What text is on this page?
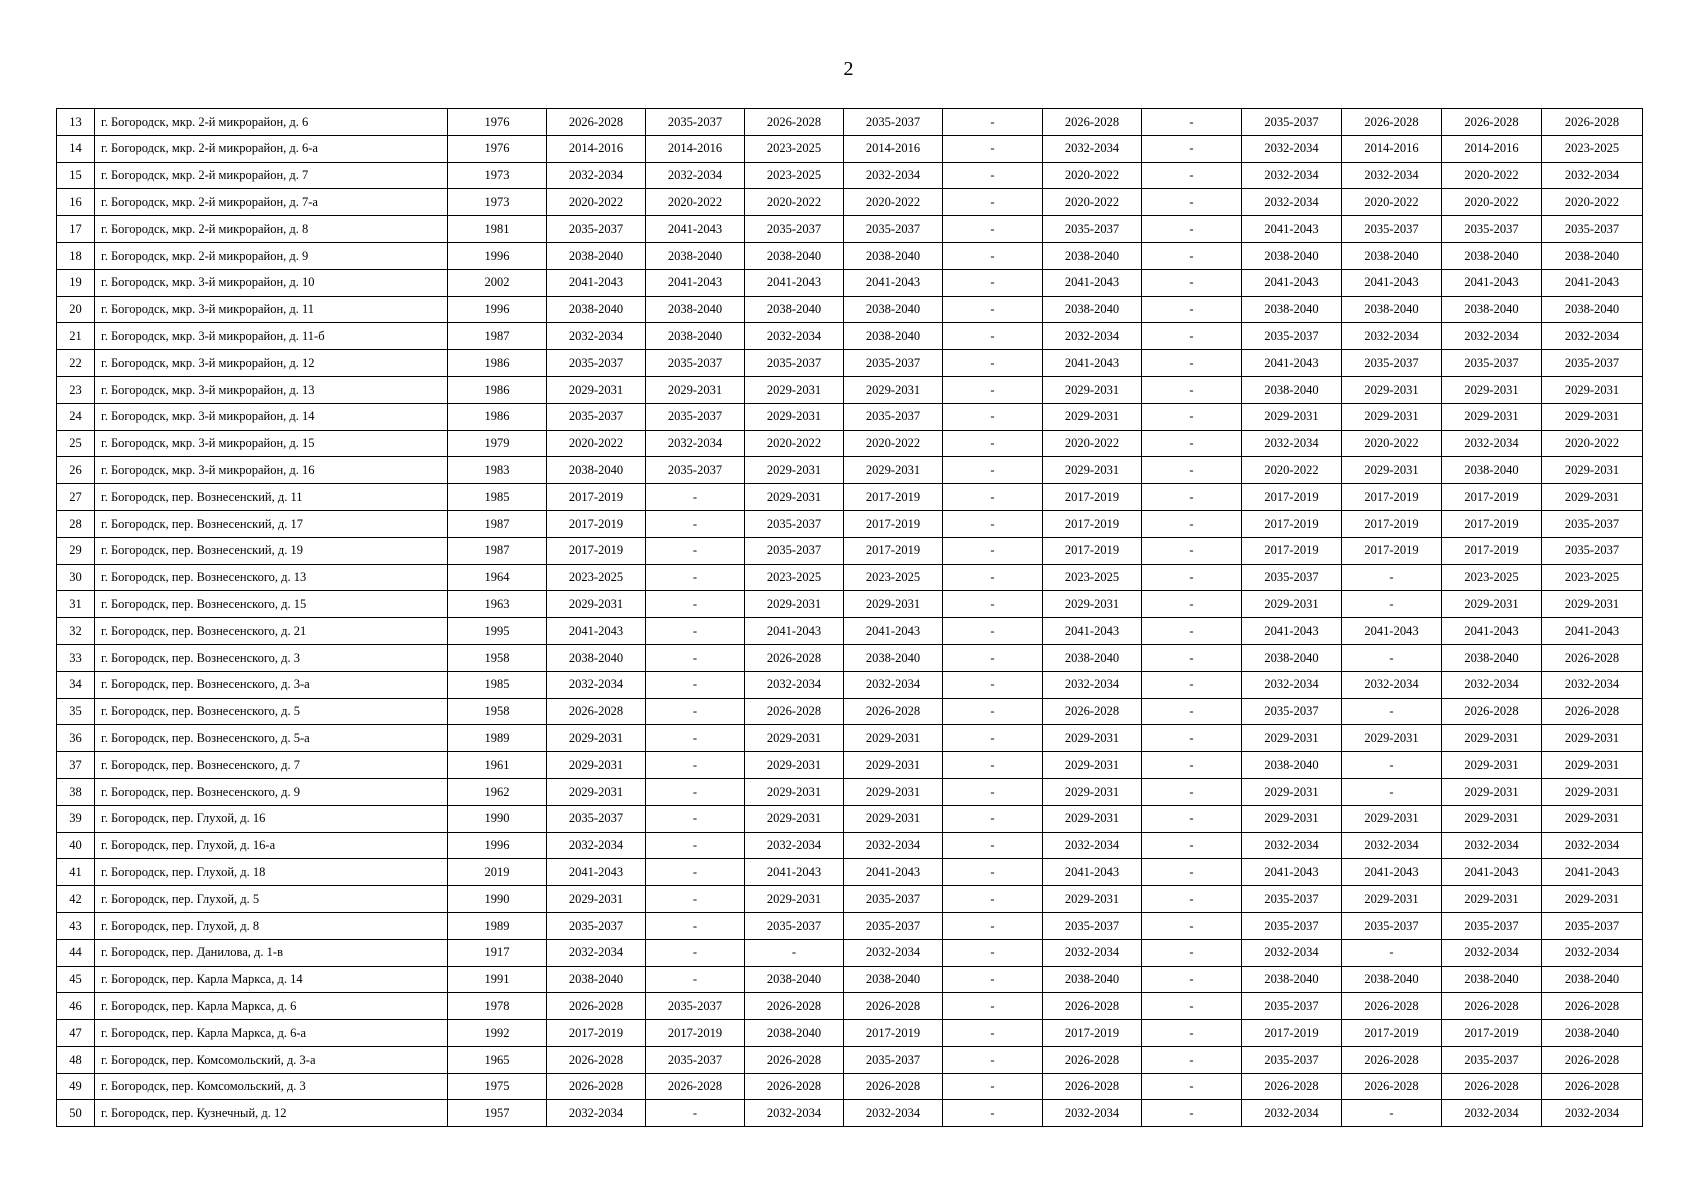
2
13	г. Богородск, мкр. 2-й микрорайон, д. 6	1976	2026-2028	2035-2037	2026-2028	2035-2037	-	2026-2028	-	2035-2037	2026-2028	2026-2028	2026-2028
14	г. Богородск, мкр. 2-й микрорайон, д. 6-а	1976	2014-2016	2014-2016	2023-2025	2014-2016	-	2032-2034	-	2032-2034	2014-2016	2014-2016	2023-2025
15	г. Богородск, мкр. 2-й микрорайон, д. 7	1973	2032-2034	2032-2034	2023-2025	2032-2034	-	2020-2022	-	2032-2034	2032-2034	2020-2022	2032-2034
16	г. Богородск, мкр. 2-й микрорайон, д. 7-а	1973	2020-2022	2020-2022	2020-2022	2020-2022	-	2020-2022	-	2032-2034	2020-2022	2020-2022	2020-2022
17	г. Богородск, мкр. 2-й микрорайон, д. 8	1981	2035-2037	2041-2043	2035-2037	2035-2037	-	2035-2037	-	2041-2043	2035-2037	2035-2037	2035-2037
18	г. Богородск, мкр. 2-й микрорайон, д. 9	1996	2038-2040	2038-2040	2038-2040	2038-2040	-	2038-2040	-	2038-2040	2038-2040	2038-2040	2038-2040
19	г. Богородск, мкр. 3-й микрорайон, д. 10	2002	2041-2043	2041-2043	2041-2043	2041-2043	-	2041-2043	-	2041-2043	2041-2043	2041-2043	2041-2043
20	г. Богородск, мкр. 3-й микрорайон, д. 11	1996	2038-2040	2038-2040	2038-2040	2038-2040	-	2038-2040	-	2038-2040	2038-2040	2038-2040	2038-2040
21	г. Богородск, мкр. 3-й микрорайон, д. 11-б	1987	2032-2034	2038-2040	2032-2034	2038-2040	-	2032-2034	-	2035-2037	2032-2034	2032-2034	2032-2034
22	г. Богородск, мкр. 3-й микрорайон, д. 12	1986	2035-2037	2035-2037	2035-2037	2035-2037	-	2041-2043	-	2041-2043	2035-2037	2035-2037	2035-2037
23	г. Богородск, мкр. 3-й микрорайон, д. 13	1986	2029-2031	2029-2031	2029-2031	2029-2031	-	2029-2031	-	2038-2040	2029-2031	2029-2031	2029-2031
24	г. Богородск, мкр. 3-й микрорайон, д. 14	1986	2035-2037	2035-2037	2029-2031	2035-2037	-	2029-2031	-	2029-2031	2029-2031	2029-2031	2029-2031
25	г. Богородск, мкр. 3-й микрорайон, д. 15	1979	2020-2022	2032-2034	2020-2022	2020-2022	-	2020-2022	-	2032-2034	2020-2022	2032-2034	2020-2022
26	г. Богородск, мкр. 3-й микрорайон, д. 16	1983	2038-2040	2035-2037	2029-2031	2029-2031	-	2029-2031	-	2020-2022	2029-2031	2038-2040	2029-2031
27	г. Богородск, пер. Вознесенский, д. 11	1985	2017-2019	-	2029-2031	2017-2019	-	2017-2019	-	2017-2019	2017-2019	2017-2019	2029-2031
28	г. Богородск, пер. Вознесенский, д. 17	1987	2017-2019	-	2035-2037	2017-2019	-	2017-2019	-	2017-2019	2017-2019	2017-2019	2035-2037
29	г. Богородск, пер. Вознесенский, д. 19	1987	2017-2019	-	2035-2037	2017-2019	-	2017-2019	-	2017-2019	2017-2019	2017-2019	2035-2037
30	г. Богородск, пер. Вознесенского, д. 13	1964	2023-2025	-	2023-2025	2023-2025	-	2023-2025	-	2035-2037	-	2023-2025	2023-2025
31	г. Богородск, пер. Вознесенского, д. 15	1963	2029-2031	-	2029-2031	2029-2031	-	2029-2031	-	2029-2031	-	2029-2031	2029-2031
32	г. Богородск, пер. Вознесенского, д. 21	1995	2041-2043	-	2041-2043	2041-2043	-	2041-2043	-	2041-2043	2041-2043	2041-2043	2041-2043
33	г. Богородск, пер. Вознесенского, д. 3	1958	2038-2040	-	2026-2028	2038-2040	-	2038-2040	-	2038-2040	-	2038-2040	2026-2028
34	г. Богородск, пер. Вознесенского, д. 3-а	1985	2032-2034	-	2032-2034	2032-2034	-	2032-2034	-	2032-2034	2032-2034	2032-2034	2032-2034
35	г. Богородск, пер. Вознесенского, д. 5	1958	2026-2028	-	2026-2028	2026-2028	-	2026-2028	-	2035-2037	-	2026-2028	2026-2028
36	г. Богородск, пер. Вознесенского, д. 5-а	1989	2029-2031	-	2029-2031	2029-2031	-	2029-2031	-	2029-2031	2029-2031	2029-2031	2029-2031
37	г. Богородск, пер. Вознесенского, д. 7	1961	2029-2031	-	2029-2031	2029-2031	-	2029-2031	-	2038-2040	-	2029-2031	2029-2031
38	г. Богородск, пер. Вознесенского, д. 9	1962	2029-2031	-	2029-2031	2029-2031	-	2029-2031	-	2029-2031	-	2029-2031	2029-2031
39	г. Богородск, пер. Глухой, д. 16	1990	2035-2037	-	2029-2031	2029-2031	-	2029-2031	-	2029-2031	2029-2031	2029-2031	2029-2031
40	г. Богородск, пер. Глухой, д. 16-а	1996	2032-2034	-	2032-2034	2032-2034	-	2032-2034	-	2032-2034	2032-2034	2032-2034	2032-2034
41	г. Богородск, пер. Глухой, д. 18	2019	2041-2043	-	2041-2043	2041-2043	-	2041-2043	-	2041-2043	2041-2043	2041-2043	2041-2043
42	г. Богородск, пер. Глухой, д. 5	1990	2029-2031	-	2029-2031	2035-2037	-	2029-2031	-	2035-2037	2029-2031	2029-2031	2029-2031
43	г. Богородск, пер. Глухой, д. 8	1989	2035-2037	-	2035-2037	2035-2037	-	2035-2037	-	2035-2037	2035-2037	2035-2037	2035-2037
44	г. Богородск, пер. Данилова, д. 1-в	1917	2032-2034	-	-	2032-2034	-	2032-2034	-	2032-2034	-	2032-2034	2032-2034
45	г. Богородск, пер. Карла Маркса, д. 14	1991	2038-2040	-	2038-2040	2038-2040	-	2038-2040	-	2038-2040	2038-2040	2038-2040	2038-2040
46	г. Богородск, пер. Карла Маркса, д. 6	1978	2026-2028	2035-2037	2026-2028	2026-2028	-	2026-2028	-	2035-2037	2026-2028	2026-2028	2026-2028
47	г. Богородск, пер. Карла Маркса, д. 6-а	1992	2017-2019	2017-2019	2038-2040	2017-2019	-	2017-2019	-	2017-2019	2017-2019	2017-2019	2038-2040
48	г. Богородск, пер. Комсомольский, д. 3-а	1965	2026-2028	2035-2037	2026-2028	2035-2037	-	2026-2028	-	2035-2037	2026-2028	2035-2037	2026-2028
49	г. Богородск, пер. Комсомольский, д. 3	1975	2026-2028	2026-2028	2026-2028	2026-2028	-	2026-2028	-	2026-2028	2026-2028	2026-2028	2026-2028
50	г. Богородск, пер. Кузнечный, д. 12	1957	2032-2034	-	2032-2034	2032-2034	-	2032-2034	-	2032-2034	-	2032-2034	2032-2034
